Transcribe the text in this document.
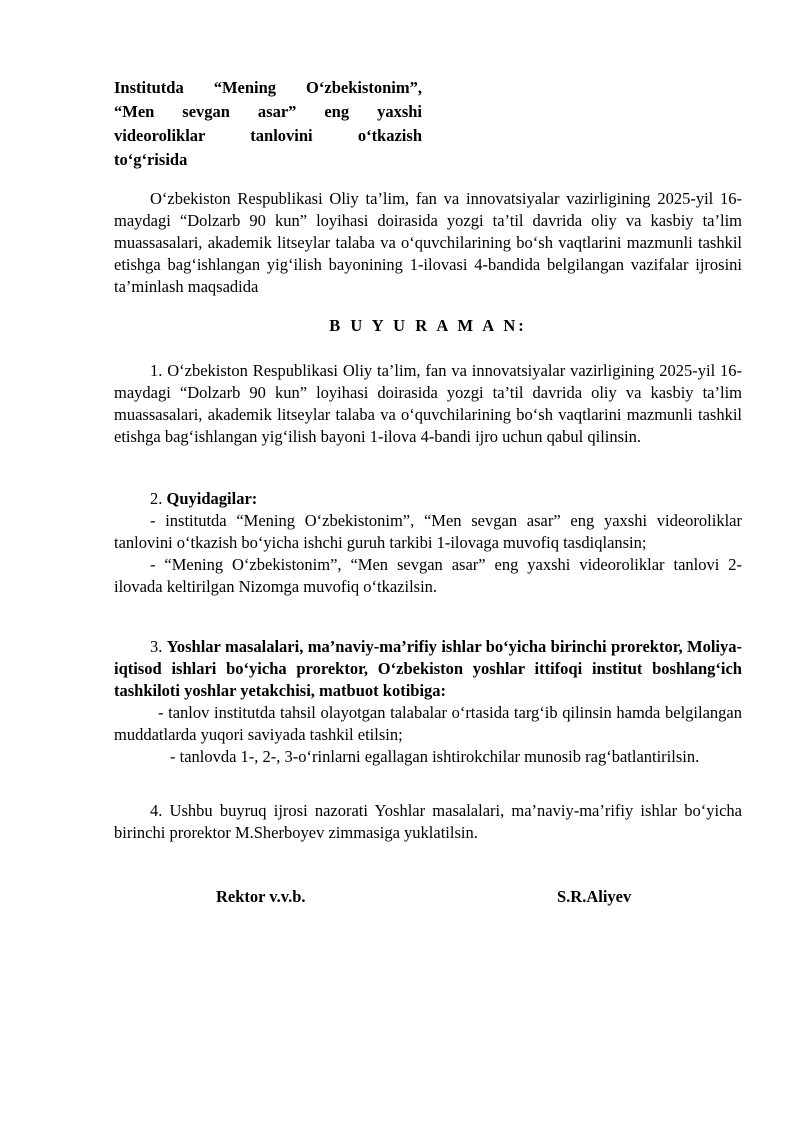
Institutda “Mening O‘zbekistonim”,
“Men sevgan asar” eng yaxshi
videoroliklar tanlovini o‘tkazish
to‘g‘risida

O‘zbekiston Respublikasi Oliy ta’lim, fan va innovatsiyalar vazirligining 2025-yil 16-maydagi “Dolzarb 90 kun” loyihasi doirasida yozgi ta’til davrida oliy va kasbiy ta’lim muassasalari, akademik litseylar talaba va o‘quvchilarining bo‘sh vaqtlarini mazmunli tashkil etishga bag‘ishlangan yig‘ilish bayonining 1-ilovasi 4-bandida belgilangan vazifalar ijrosini ta’minlash maqsadida

B U Y U R A M A N:

1. O‘zbekiston Respublikasi Oliy ta’lim, fan va innovatsiyalar vazirligining 2025-yil 16-maydagi “Dolzarb 90 kun” loyihasi doirasida yozgi ta’til davrida oliy va kasbiy ta’lim muassasalari, akademik litseylar talaba va o‘quvchilarining bo‘sh vaqtlarini mazmunli tashkil etishga bag‘ishlangan yig‘ilish bayoni 1-ilova 4-bandi ijro uchun qabul qilinsin.

2. Quyidagilar:
- institutda “Mening O‘zbekistonim”, “Men sevgan asar” eng yaxshi videoroliklar tanlovini o‘tkazish bo‘yicha ishchi guruh tarkibi 1-ilovaga muvofiq tasdiqlansin;
- “Mening O‘zbekistonim”, “Men sevgan asar” eng yaxshi videoroliklar tanlovi 2-ilovada keltirilgan Nizomga muvofiq o‘tkazilsin.
3. Yoshlar masalalari, ma’naviy-ma’rifiy ishlar bo‘yicha birinchi prorektor, Moliya-iqtisod ishlari bo‘yicha prorektor, O‘zbekiston yoshlar ittifoqi institut boshlang‘ich tashkiloti yoshlar yetakchisi, matbuot kotibiga:
- tanlov institutda tahsil olayotgan talabalar o‘rtasida targ‘ib qilinsin hamda belgilangan muddatlarda yuqori saviyada tashkil etilsin;
- tanlovda 1-, 2-, 3-o‘rinlarni egallagan ishtirokchilar munosib rag‘batlantirilsin.

4. Ushbu buyruq ijrosi nazorati Yoshlar masalalari, ma’naviy-ma’rifiy ishlar bo‘yicha birinchi prorektor M.Sherboyev zimmasiga yuklatilsin.

Rektor v.v.b.	S.R.Aliyev
